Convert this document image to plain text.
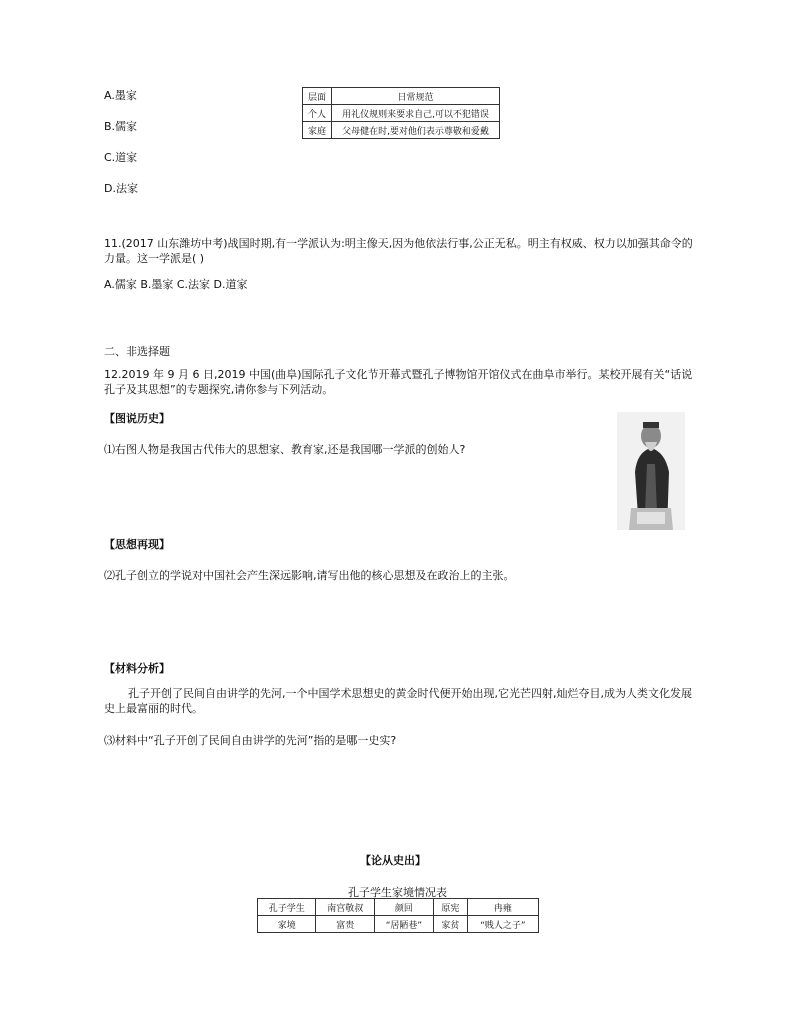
A.墨家
B.儒家
C.道家
D.法家
层面	日常规范
个人	用礼仪规则来要求自己,可以不犯错误
家庭	父母健在时,要对他们表示尊敬和爱戴
11.(2017 山东潍坊中考)战国时期,有一学派认为:明主像天,因为他依法行事,公正无私。明主有权威、权力以加强其命令的力量。这一学派是( )
A.儒家 B.墨家 C.法家 D.道家
二、非选择题
12.2019 年 9 月 6 日,2019 中国(曲阜)国际孔子文化节开幕式暨孔子博物馆开馆仪式在曲阜市举行。某校开展有关“话说孔子及其思想”的专题探究,请你参与下列活动。
【图说历史】
⑴右图人物是我国古代伟大的思想家、教育家,还是我国哪一学派的创始人?
【思想再现】
⑵孔子创立的学说对中国社会产生深远影响,请写出他的核心思想及在政治上的主张。
【材料分析】
孔子开创了民间自由讲学的先河,一个中国学术思想史的黄金时代便开始出现,它光芒四射,灿烂夺目,成为人类文化发展史上最富丽的时代。
⑶材料中“孔子开创了民间自由讲学的先河”指的是哪一史实?
【论从史出】
孔子学生家境情况表
孔子学生	南宫敬叔	颜回	原宪	冉雍
家境	富贵	“居陋巷”	家贫	“贱人之子”
